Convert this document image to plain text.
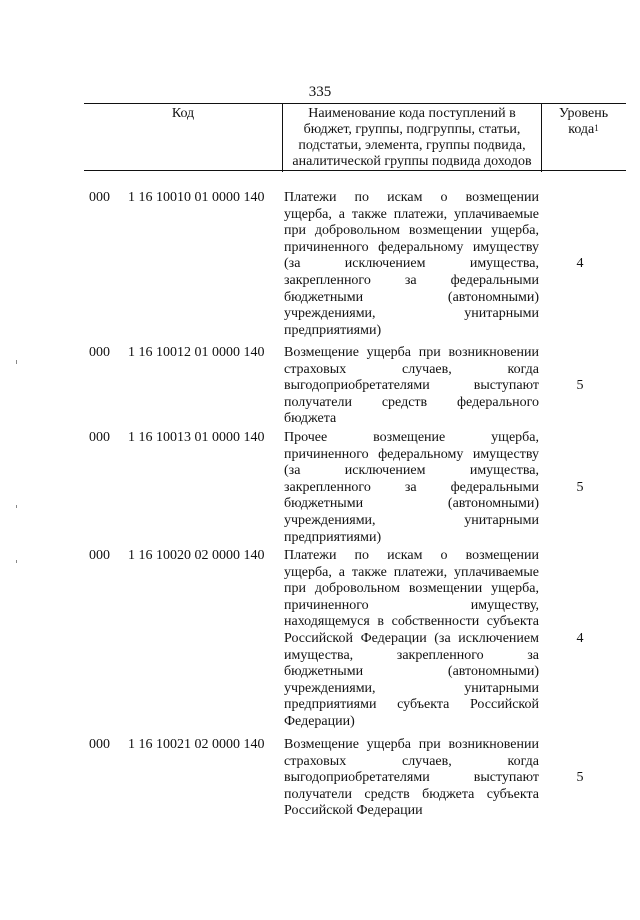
335
Код	Наименование кода поступлений в
бюджет, группы, подгруппы, статьи,
подстатьи, элемента, группы подвида,
аналитической группы подвида доходов
Уровень
кода$^1$
000	1 16 10010 01 0000 140	Платежи по искам о возмещении
ущерба, а также платежи, уплачиваемые
при добровольном возмещении ущерба,
причиненного федеральному имуществу
(за исключением имущества,
закрепленного за федеральными
бюджетными (автономными)
учреждениями, унитарными
предприятиями)
4
000	1 16 10012 01 0000 140	Возмещение ущерба при возникновении
страховых случаев, когда
выгодоприобретателями выступают
получатели средств федерального
бюджета
5
000	1 16 10013 01 0000 140	Прочее возмещение ущерба,
причиненного федеральному имуществу
(за исключением имущества,
закрепленного за федеральными
бюджетными (автономными)
учреждениями, унитарными
предприятиями)
5
000	1 16 10020 02 0000 140	Платежи по искам о возмещении
ущерба, а также платежи, уплачиваемые
при добровольном возмещении ущерба,
причиненного имуществу,
находящемуся в собственности субъекта
Российской Федерации (за исключением
имущества, закрепленного за
бюджетными (автономными)
учреждениями, унитарными
предприятиями субъекта Российской
Федерации)
4
000	1 16 10021 02 0000 140	Возмещение ущерба при возникновении
страховых случаев, когда
выгодоприобретателями выступают
получатели средств бюджета субъекта
Российской Федерации
5
